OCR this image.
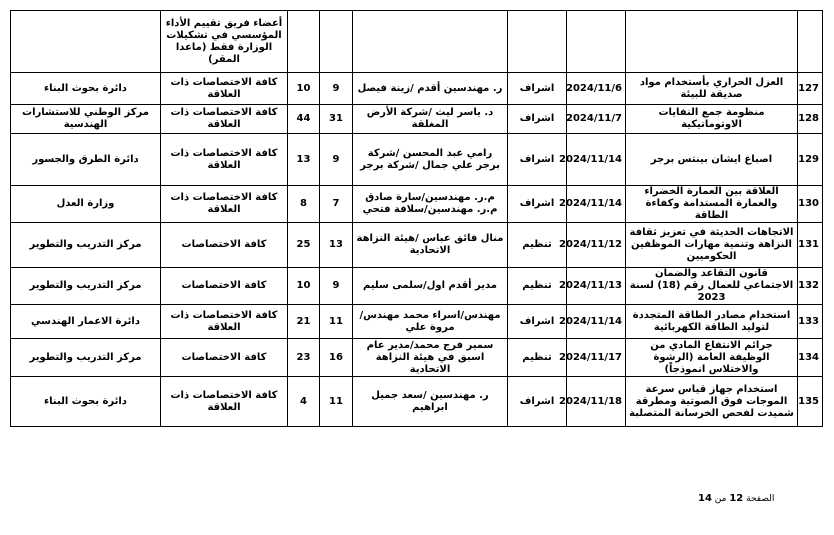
							أعضاء فريق تقييم الأداء المؤسسي في تشكيلات الوزارة فقط (ماعدا المقر)	
127	العزل الحراري بأستخدام مواد صديقة للبيئة	2024/11/6	اشراف	ر. مهندسين أقدم /زينة فيصل	9	10	كافة الاختصاصات ذات العلاقة	دائرة بحوث البناء
128	منظومة جمع النفايات الاوتوماتيكية	2024/11/7	اشراف	د. ياسر ليث /شركة الأرض المغلقة	31	44	كافة الاختصاصات ذات العلاقة	مركز الوطني للاستشارات الهندسية
129	اصباغ ايشان بينتس برجر	2024/11/14	اشراف	رامي عبد المحسن /شركة برجر علي جمال /شركة برجر	9	13	كافة الاختصاصات ذات العلاقة	دائرة الطرق والجسور
130	العلاقة بين العمارة الخضراء والعمارة المستدامة وكفاءة الطاقة	2024/11/14	اشراف	م.ر. مهندسين/سارة صادق م.ر. مهندسين/سلافة فتحي	7	8	كافة الاختصاصات ذات العلاقة	وزارة العدل
131	الاتجاهات الحديثة في تعزيز ثقافة النزاهة وتنمية مهارات الموظفين الحكوميين	2024/11/12	تنظيم	منال فائق عباس /هيئة النزاهة الاتحادية	13	25	كافة الاختصاصات	مركز التدريب والتطوير
132	قانون التقاعد والضمان الاجتماعي للعمال رقم (18) لسنة 2023	2024/11/13	تنظيم	مدير أقدم اول/سلمى سليم	9	10	كافة الاختصاصات	مركز التدريب والتطوير
133	استخدام مصادر الطاقة المتجددة لتوليد الطاقة الكهربائية	2024/11/14	اشراف	مهندس/اسراء محمد مهندس/مروة علي	11	21	كافة الاختصاصات ذات العلاقة	دائرة الاعمار الهندسي
134	جرائم الانتفاع المادي من الوظيفة العامة (الرشوة والاختلاس انموذجاً)	2024/11/17	تنظيم	سمير فرج محمد/مدير عام اسبق في هيئة النزاهة الاتحادية	16	23	كافة الاختصاصات	مركز التدريب والتطوير
135	استخدام جهاز قياس سرعة الموجات فوق الصوتية ومطرقة شميدت لفحص الخرسانة المتصلبة	2024/11/18	اشراف	ر. مهندسين /سعد جميل ابراهيم	11	4	كافة الاختصاصات ذات العلاقة	دائرة بحوث البناء
الصفحة 12 من 14
